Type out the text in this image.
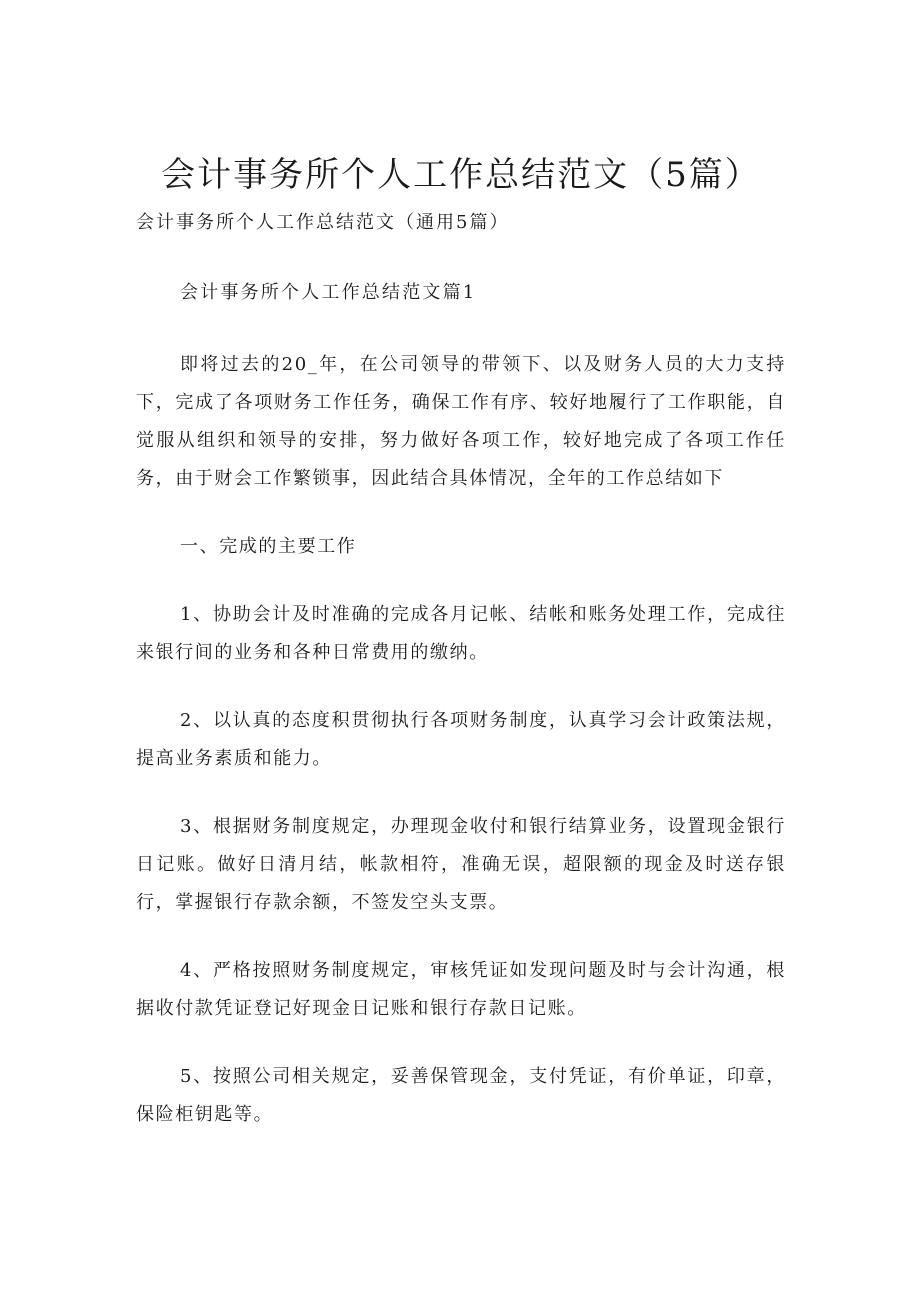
会计事务所个人工作总结范文（5篇）

会计事务所个人工作总结范文（通用5篇）

会计事务所个人工作总结范文篇1

即将过去的20_年，在公司领导的带领下、以及财务人员的大力支持下，完成了各项财务工作任务，确保工作有序、较好地履行了工作职能，自觉服从组织和领导的安排，努力做好各项工作，较好地完成了各项工作任务，由于财会工作繁锁事，因此结合具体情况，全年的工作总结如下

一、完成的主要工作

1、协助会计及时准确的完成各月记帐、结帐和账务处理工作，完成往来银行间的业务和各种日常费用的缴纳。

2、以认真的态度积贯彻执行各项财务制度，认真学习会计政策法规，提高业务素质和能力。

3、根据财务制度规定，办理现金收付和银行结算业务，设置现金银行日记账。做好日清月结，帐款相符，准确无误，超限额的现金及时送存银行，掌握银行存款余额，不签发空头支票。

4、严格按照财务制度规定，审核凭证如发现问题及时与会计沟通，根据收付款凭证登记好现金日记账和银行存款日记账。

5、按照公司相关规定，妥善保管现金，支付凭证，有价单证，印章，保险柜钥匙等。
